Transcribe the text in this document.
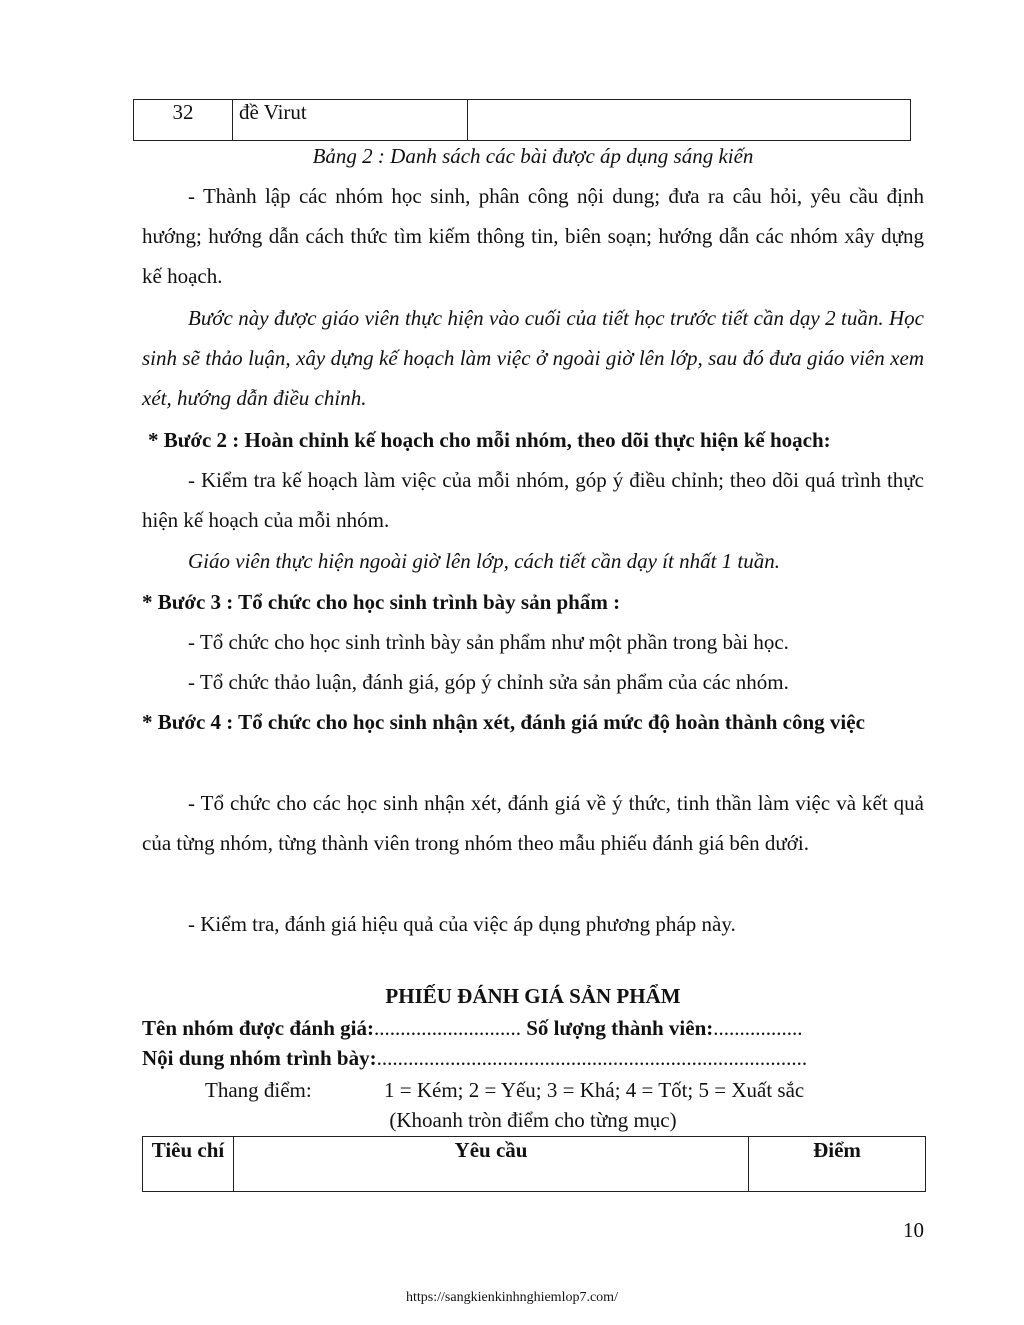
32	đề Virut	
Bảng 2 : Danh sách các bài được áp dụng sáng kiến
- Thành lập các nhóm học sinh, phân công nội dung; đưa ra câu hỏi, yêu cầu định hướng; hướng dẫn cách thức tìm kiếm thông tin, biên soạn; hướng dẫn các nhóm xây dựng kế hoạch.
Bước này được giáo viên thực hiện vào cuối của tiết học trước tiết cần dạy 2 tuần. Học sinh sẽ thảo luận, xây dựng kế hoạch làm việc ở ngoài giờ lên lớp, sau đó đưa giáo viên xem xét, hướng dẫn điều chỉnh.
* Bước 2 : Hoàn chỉnh kế hoạch cho mỗi nhóm, theo dõi thực hiện kế hoạch:
- Kiểm tra kế hoạch làm việc của mỗi nhóm, góp ý điều chỉnh; theo dõi quá trình thực hiện kế hoạch của mỗi nhóm.
Giáo viên thực hiện ngoài giờ lên lớp, cách tiết cần dạy ít nhất 1 tuần.
* Bước 3 : Tổ chức cho học sinh trình bày sản phẩm :
- Tổ chức cho học sinh trình bày sản phẩm như một phần trong bài học.
- Tổ chức thảo luận, đánh giá, góp ý chỉnh sửa sản phẩm của các nhóm.
* Bước 4 : Tổ chức cho học sinh nhận xét, đánh giá mức độ hoàn thành công việc
- Tổ chức cho các học sinh nhận xét, đánh giá về ý thức, tinh thần làm việc và kết quả của từng nhóm, từng thành viên trong nhóm theo mẫu phiếu đánh giá bên dưới.
- Kiểm tra, đánh giá hiệu quả của việc áp dụng phương pháp này.
PHIẾU ĐÁNH GIÁ SẢN PHẨM
Tên nhóm được đánh giá:............................ Số lượng thành viên:.................
Nội dung nhóm trình bày:..................................................................................
Thang điểm:	1 = Kém; 2 = Yếu; 3 = Khá; 4 = Tốt; 5 = Xuất sắc
(Khoanh tròn điểm cho từng mục)
Tiêu chí	Yêu cầu	Điểm
10
https://sangkienkinhnghiemlop7.com/
